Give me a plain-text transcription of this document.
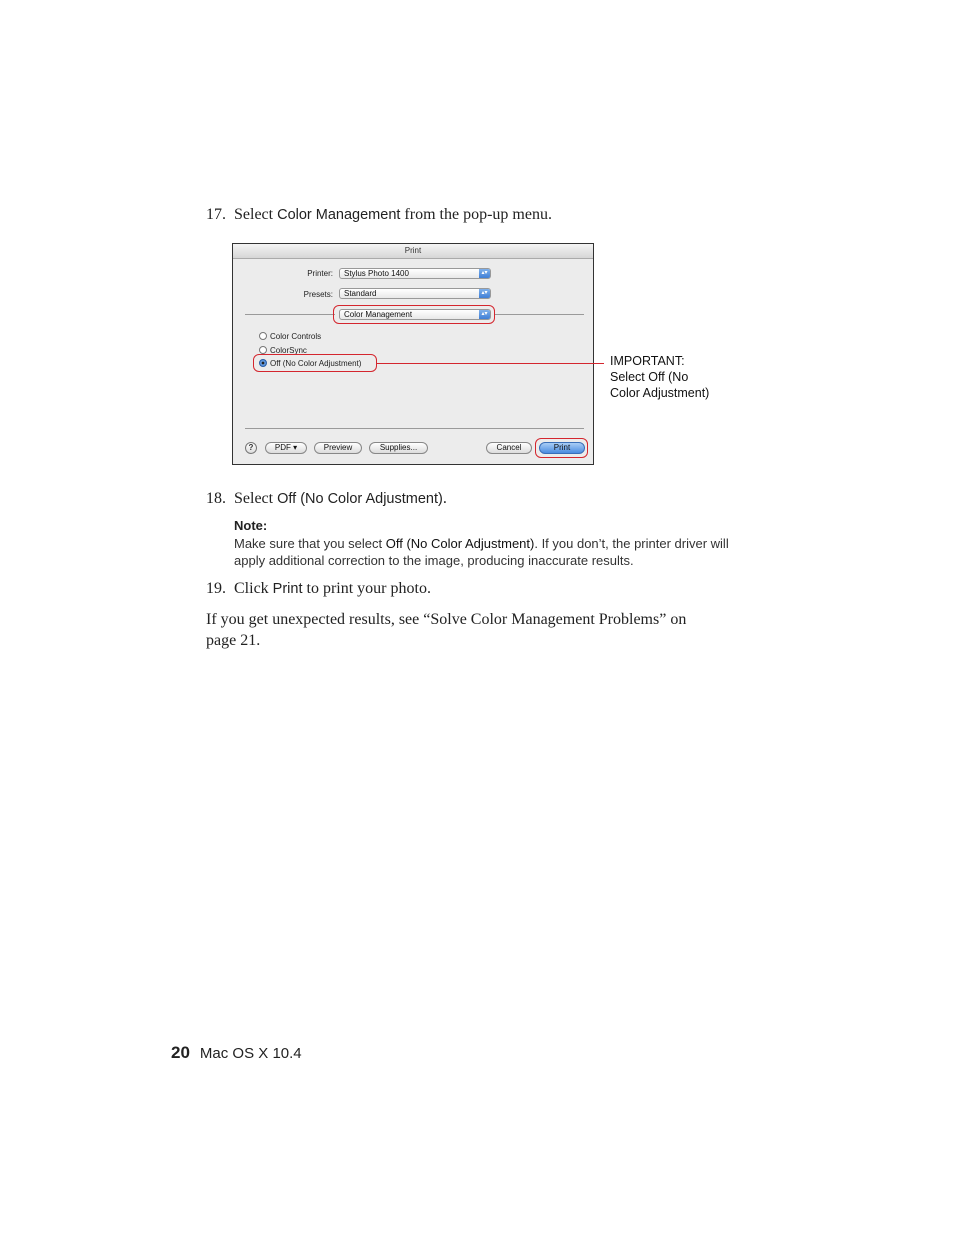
17. Select Color Management from the pop-up menu.
Print
Printer:	Stylus Photo 1400	▴▾
Presets:	Standard	▴▾
Color Management	▴▾
Color Controls
ColorSync
Off (No Color Adjustment)
?	PDF ▾	Preview	Supplies...	Cancel	Print
IMPORTANT:
Select Off (No
Color Adjustment)
18. Select Off (No Color Adjustment).
Note:
Make sure that you select Off (No Color Adjustment). If you don’t, the printer driver will apply additional correction to the image, producing inaccurate results.
19. Click Print to print your photo.
If you get unexpected results, see “Solve Color Management Problems” on page 21.
20 Mac OS X 10.4
